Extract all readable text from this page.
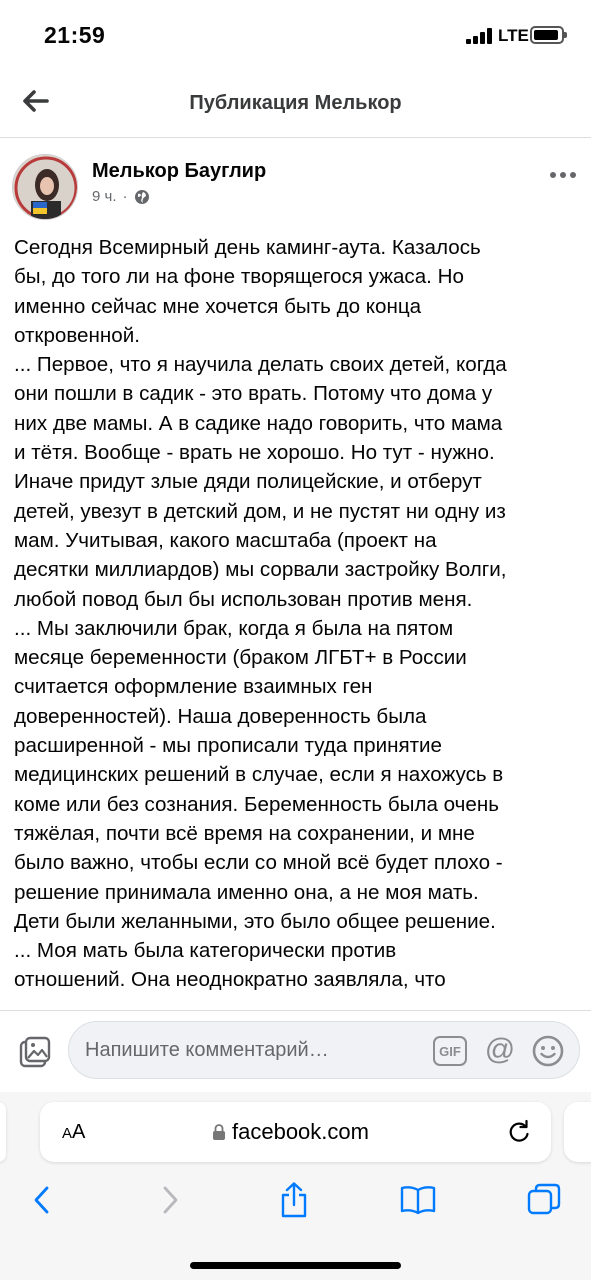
21:59	LTE
Публикация Мелькор
Мелькор Бауглир
9 ч. ·
Сегодня Всемирный день каминг-аута. Казалось
бы, до того ли на фоне творящегося ужаса. Но
именно сейчас мне хочется быть до конца
откровенной.
... Первое, что я научила делать своих детей, когда
они пошли в садик - это врать. Потому что дома у
них две мамы. А в садике надо говорить, что мама
и тётя. Вообще - врать не хорошо. Но тут - нужно.
Иначе придут злые дяди полицейские, и отберут
детей, увезут в детский дом, и не пустят ни одну из
мам. Учитывая, какого масштаба (проект на
десятки миллиардов) мы сорвали застройку Волги,
любой повод был бы использован против меня.
... Мы заключили брак, когда я была на пятом
месяце беременности (браком ЛГБТ+ в России
считается оформление взаимных ген
доверенностей). Наша доверенность была
расширенной - мы прописали туда принятие
медицинских решений в случае, если я нахожусь в
коме или без сознания. Беременность была очень
тяжёлая, почти всё время на сохранении, и мне
было важно, чтобы если со мной всё будет плохо -
решение принимала именно она, а не моя мать.
Дети были желанными, это было общее решение.
... Моя мать была категорически против
отношений. Она неоднократно заявляла, что
Напишите комментарий…	GIF @
AA	facebook.com
